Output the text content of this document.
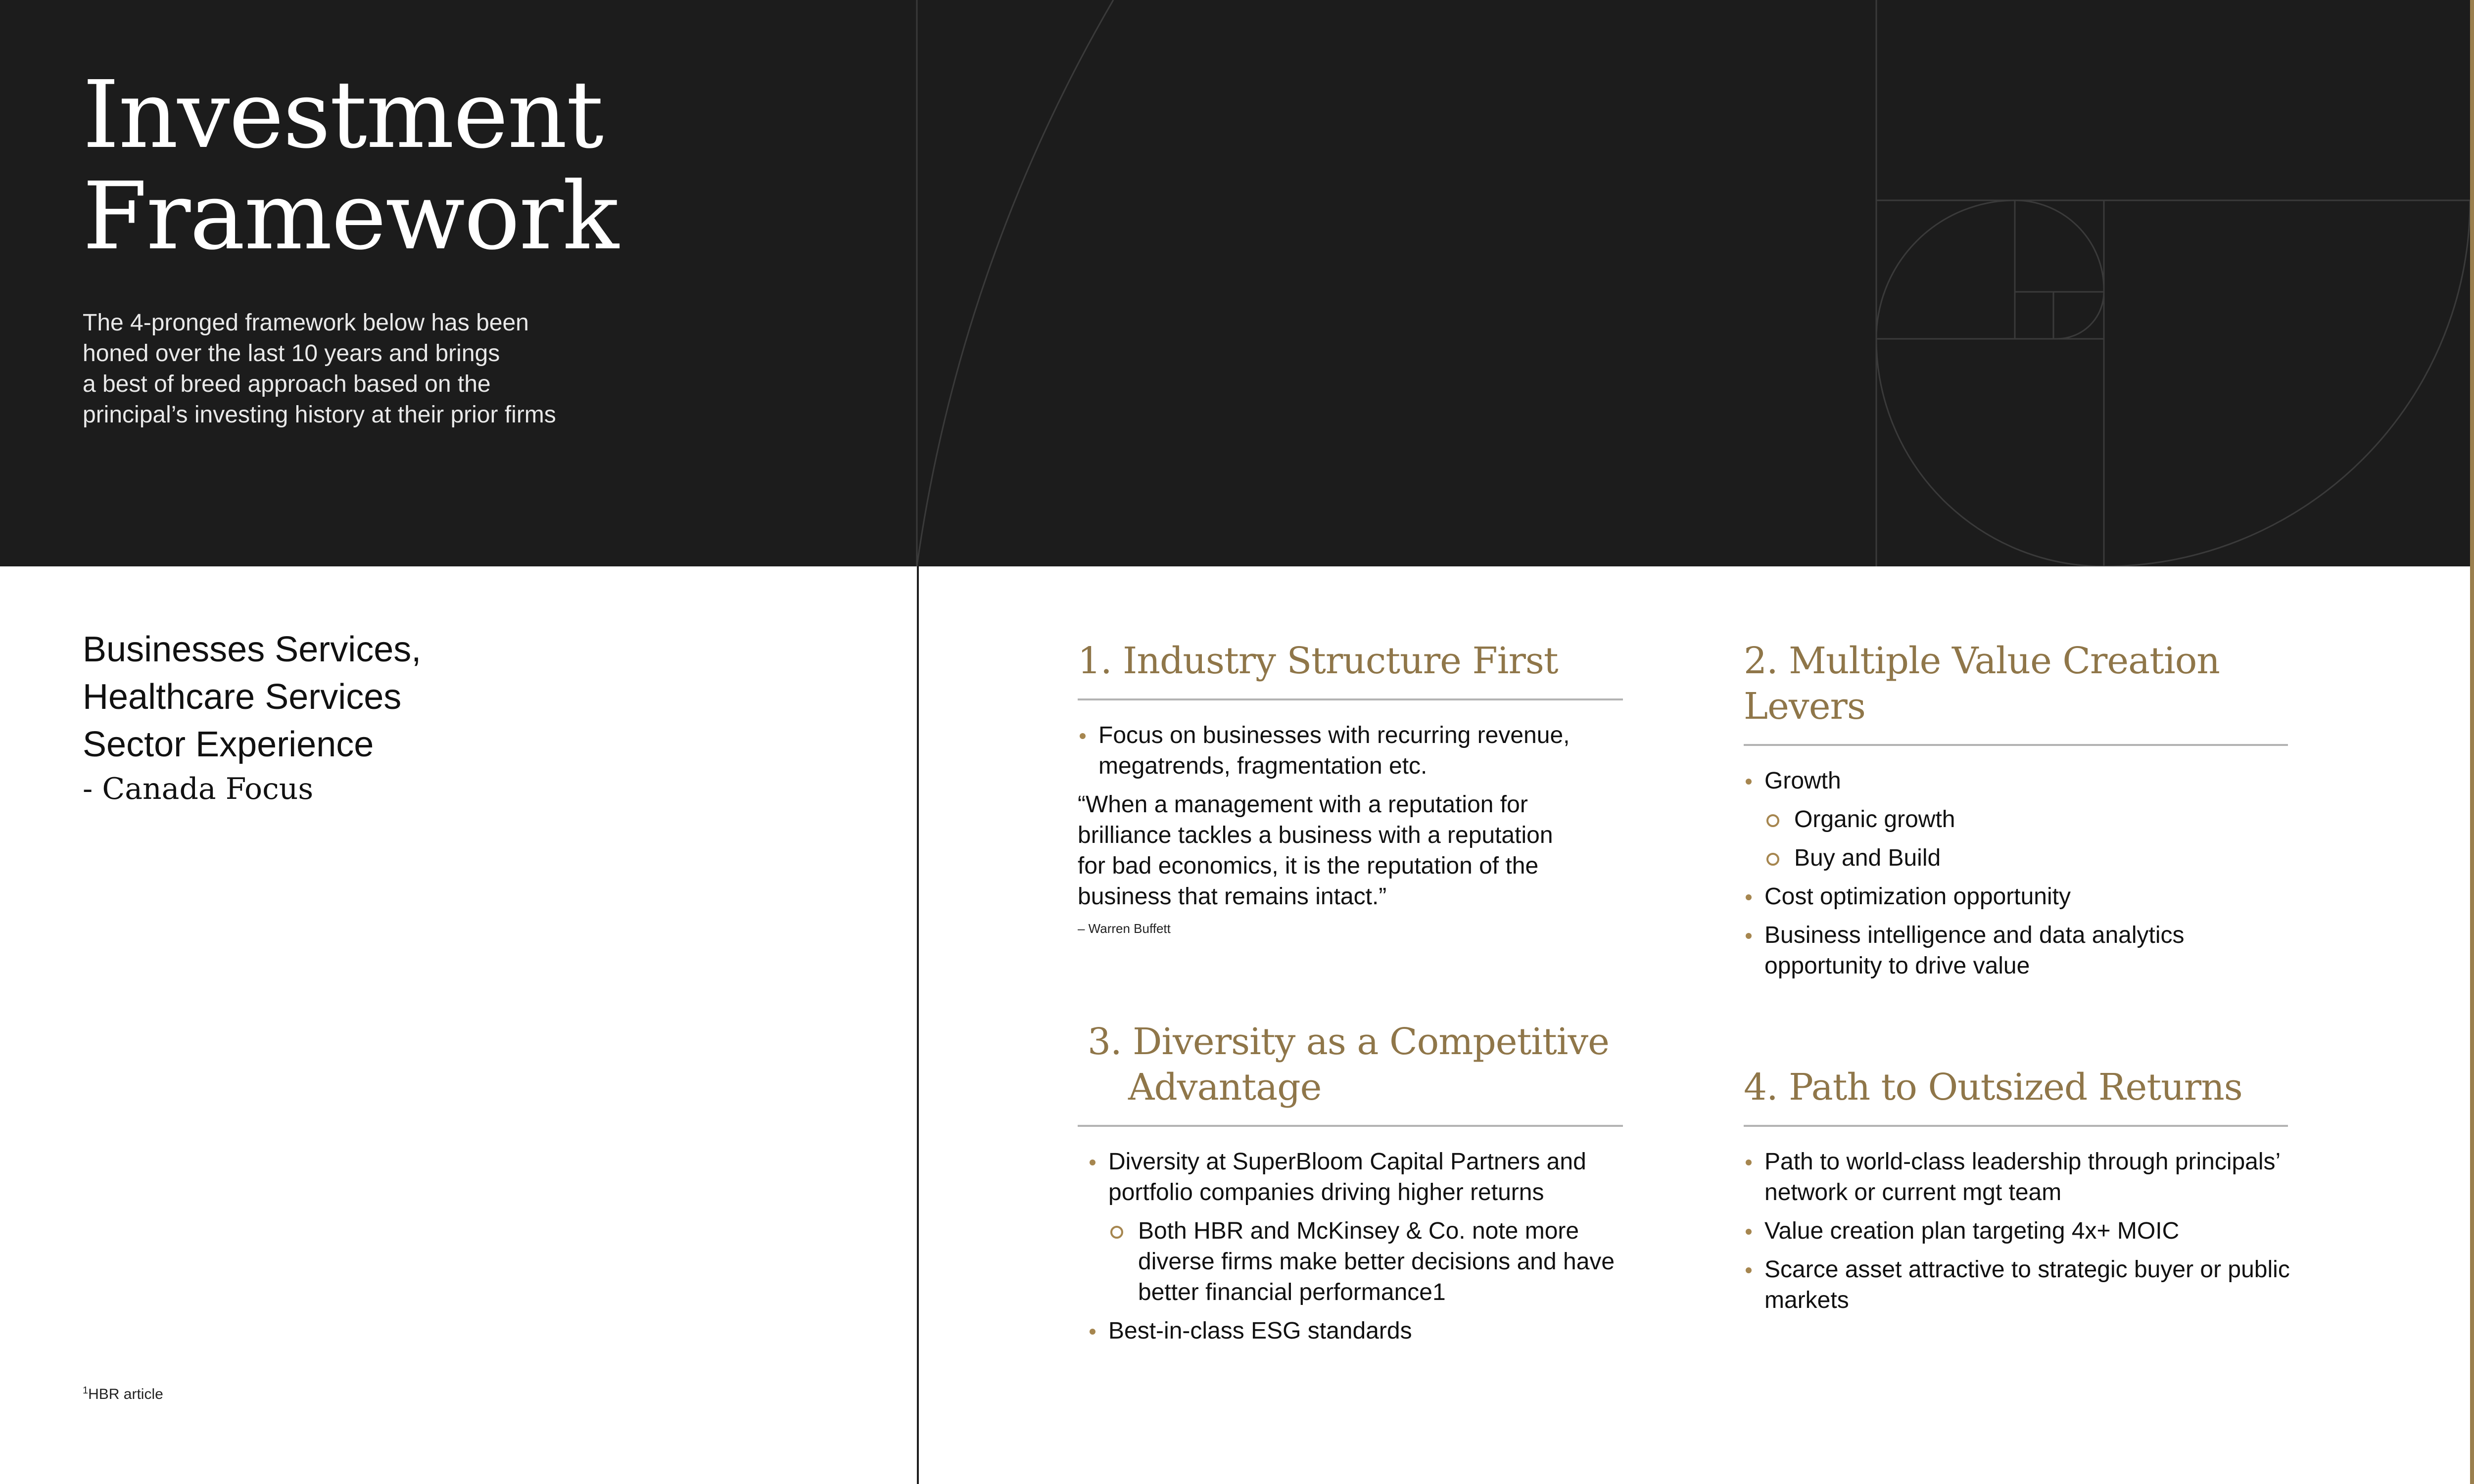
Investment
Framework

The 4-pronged framework below has been
honed over the last 10 years and brings
a best of breed approach based on the
principal’s investing history at their prior firms

Businesses Services,
Healthcare Services
Sector Experience
- Canada Focus
$^1$HBR article
1. Industry Structure First
Focus on businesses with recurring revenue, megatrends, fragmentation etc.

“When a management with a reputation for
brilliance tackles a business with a reputation
for bad economics, it is the reputation of the
business that remains intact.”

– Warren Buffett
2. Multiple Value Creation Levers
Growth
Organic growth
Buy and Build
Cost optimization opportunity
Business intelligence and data analytics opportunity to drive value
3. Diversity as a Competitive
Advantage
Diversity at SuperBloom Capital Partners and portfolio companies driving higher returns
Both HBR and McKinsey & Co. note more diverse firms make better decisions and have better financial performance1
Best-in-class ESG standards
4. Path to Outsized Returns
Path to world-class leadership through principals’ network or current mgt team
Value creation plan targeting 4x+ MOIC
Scarce asset attractive to strategic buyer or public markets
